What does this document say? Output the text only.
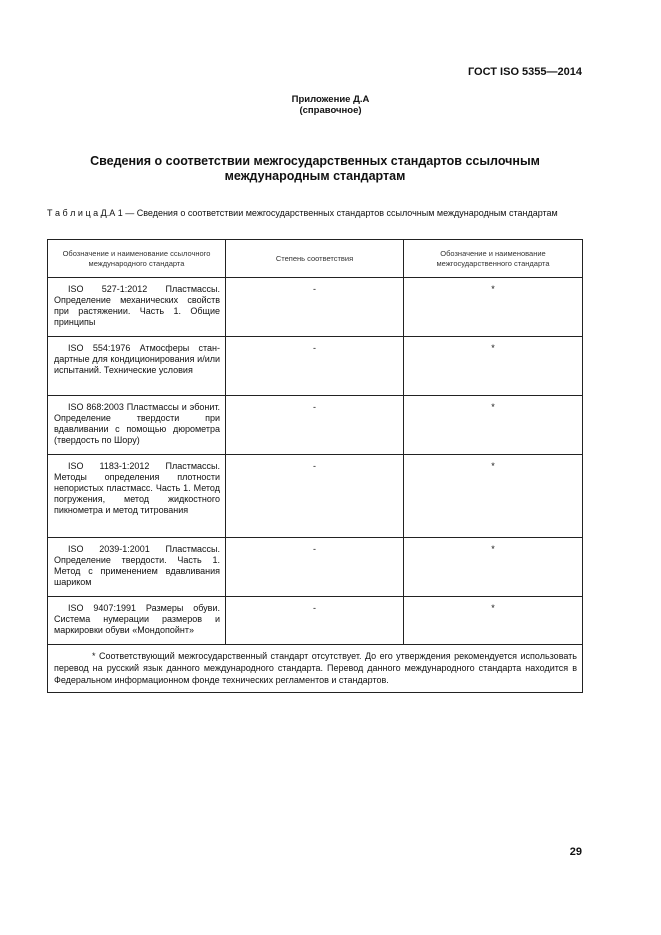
ГОСТ ISO 5355—2014
Приложение Д.А
(справочное)
Сведения о соответствии межгосударственных стандартов ссылочным международным стандартам
Т а б л и ц а Д.А 1 — Сведения о соответствии межгосударственных стандартов ссылочным международным стандартам
Обозначение и наименование ссылочного международного стандарта	Степень соответствия	Обозначение и наименование межгосударственного стандарта

ISO 527-1:2012 Пластмассы. Определение механических свойств при растяжении. Часть 1. Общие принципы	-	*

ISO 554:1976 Атмосферы стандартные для кондиционирования и/или испытаний. Технические условия	-	*

ISO 868:2003 Пластмассы и эбонит. Определение твердости при вдавливании с помощью дюрометра (твердость по Шору)	-	*

ISO 1183-1:2012 Пластмассы. Методы определения плотности непористых пластмасс. Часть 1. Метод погружения, метод жидкостного пикнометра и метод титрования	-	*

ISO 2039-1:2001 Пластмассы. Определение твердости. Часть 1. Метод с применением вдавливания шариком	-	*

ISO 9407:1991 Размеры обуви. Система нумерации размеров и маркировки обуви «Мондопойнт»	-	*
* Соответствующий межгосударственный стандарт отсутствует. До его утверждения рекомендуется использовать перевод на русский язык данного международного стандарта. Перевод данного международного стандарта находится в Федеральном информационном фонде технических регламентов и стандартов.		
29
